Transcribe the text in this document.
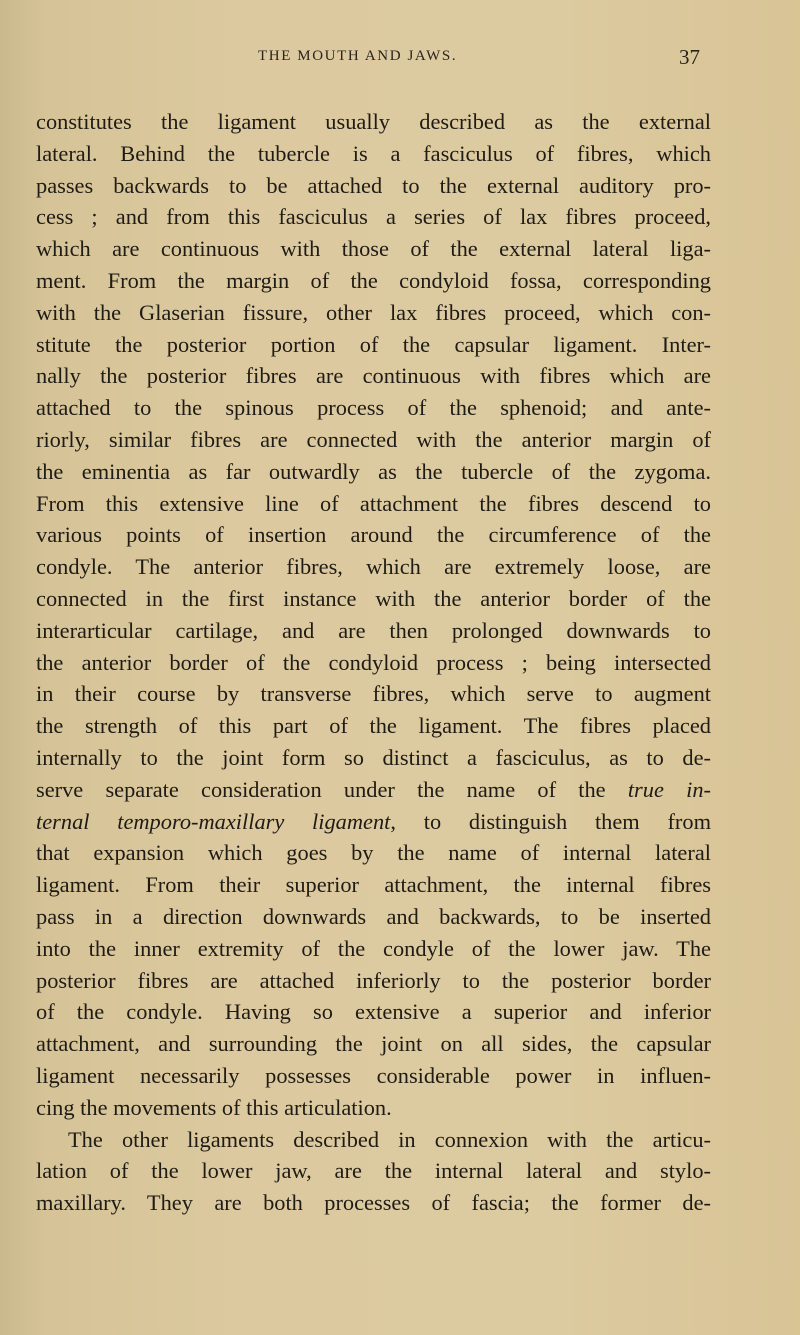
THE MOUTH AND JAWS.	37
constitutes the ligament usually described as the external
lateral. Behind the tubercle is a fasciculus of fibres, which
passes backwards to be attached to the external auditory pro-
cess ; and from this fasciculus a series of lax fibres proceed,
which are continuous with those of the external lateral liga-
ment. From the margin of the condyloid fossa, corresponding
with the Glaserian fissure, other lax fibres proceed, which con-
stitute the posterior portion of the capsular ligament. Inter-
nally the posterior fibres are continuous with fibres which are
attached to the spinous process of the sphenoid; and ante-
riorly, similar fibres are connected with the anterior margin of
the eminentia as far outwardly as the tubercle of the zygoma.
From this extensive line of attachment the fibres descend to
various points of insertion around the circumference of the
condyle. The anterior fibres, which are extremely loose, are
connected in the first instance with the anterior border of the
interarticular cartilage, and are then prolonged downwards to
the anterior border of the condyloid process ; being intersected
in their course by transverse fibres, which serve to augment
the strength of this part of the ligament. The fibres placed
internally to the joint form so distinct a fasciculus, as to de-
serve separate consideration under the name of the true in-
ternal temporo-maxillary ligament, to distinguish them from
that expansion which goes by the name of internal lateral
ligament. From their superior attachment, the internal fibres
pass in a direction downwards and backwards, to be inserted
into the inner extremity of the condyle of the lower jaw. The
posterior fibres are attached inferiorly to the posterior border
of the condyle. Having so extensive a superior and inferior
attachment, and surrounding the joint on all sides, the capsular
ligament necessarily possesses considerable power in influen-
cing the movements of this articulation.
The other ligaments described in connexion with the articu-
lation of the lower jaw, are the internal lateral and stylo-
maxillary. They are both processes of fascia; the former de-
